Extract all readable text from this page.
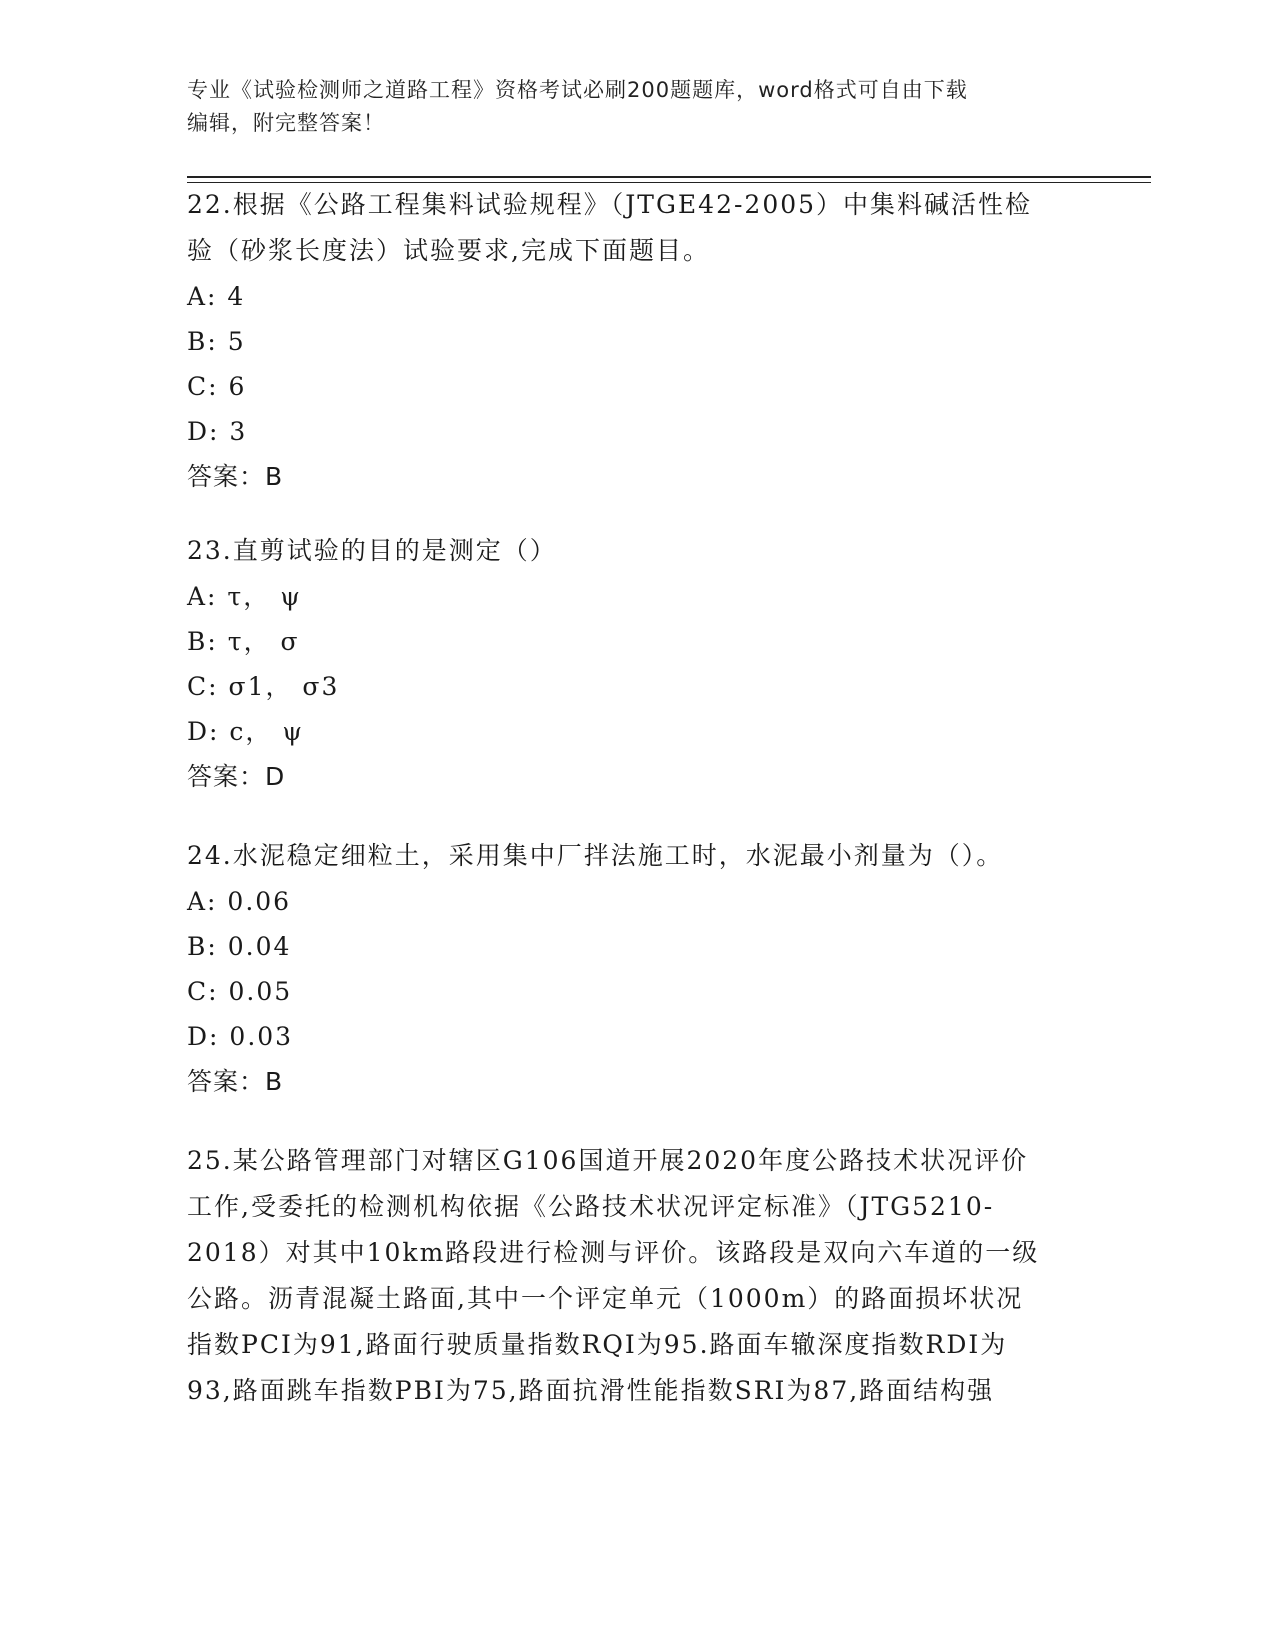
专业《试验检测师之道路工程》资格考试必刷200题题库，word格式可自由下载
编辑，附完整答案！
22.根据《公路工程集料试验规程》（JTGE42-2005）中集料碱活性检
验（砂浆长度法）试验要求,完成下面题目。
A: 4
B: 5
C: 6
D: 3
答案：B
23.直剪试验的目的是测定（）
A: τ， ψ
B: τ， σ
C: σ1， σ3
D: c， ψ
答案：D
24.水泥稳定细粒土，采用集中厂拌法施工时，水泥最小剂量为（）。
A: 0.06
B: 0.04
C: 0.05
D: 0.03
答案：B
25.某公路管理部门对辖区G106国道开展2020年度公路技术状况评价
工作,受委托的检测机构依据《公路技术状况评定标准》（JTG5210-
2018）对其中10km路段进行检测与评价。该路段是双向六车道的一级
公路。沥青混凝土路面,其中一个评定单元（1000m）的路面损坏状况
指数PCI为91,路面行驶质量指数RQI为95.路面车辙深度指数RDI为
93,路面跳车指数PBI为75,路面抗滑性能指数SRI为87,路面结构强
